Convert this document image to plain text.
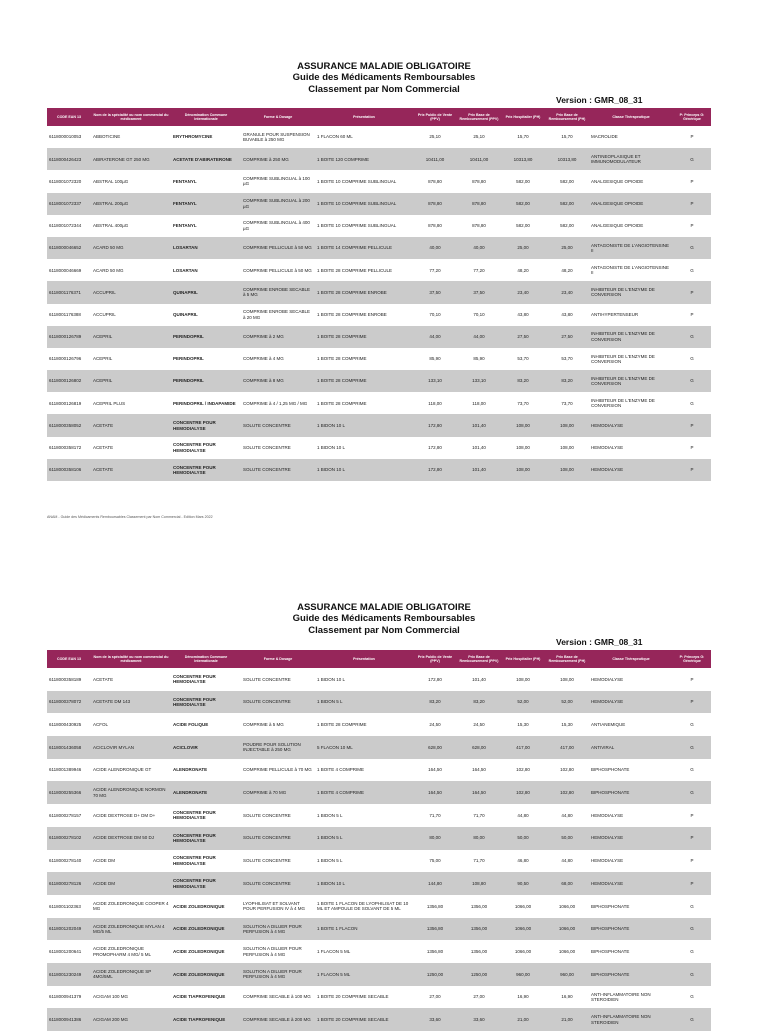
ASSURANCE MALADIE OBLIGATOIRE
Guide des Médicaments Remboursables
Classement par Nom Commercial
Version : GMR_08_31
CODE EAN 13	Nom de la spécialité ou nom commercial du médicament	Dénomination Commune Internationale	Forme & Dosage	Présentation	Prix Public de Vente (PPV)	Prix Base de Remboursement (PPV)	Prix Hospitalier (PH)	Prix Base de Remboursement (PH)	Classe Thérapeutique	P: Princeps G: Générique
6118000010053	ABBOTICINE	ERYTHROMYCINE	GRANULE POUR SUSPENSION BUVABLE à 250 MG	1 FLACON 60 ML	25,10	25,10	15,70	15,70	MACROLIDE	P
6118000426423	ABIRATERONE GT 250 MG	ACETATE D'ABIRATERONE	COMPRIME à 250 MG	1 BOITE 120 COMPRIME	10411,00	10411,00	10313,80	10313,80	ANTINEOPLASIQUE ET IMMUNOMODULATEUR	G
6118001072320	ABSTRAL 100µG	FENTANYL	COMPRIME SUBLINGUAL à 100 µG	1 BOITE 10 COMPRIME SUBLINGUAL	878,80	878,80	582,00	582,00	ANALGESIQUE OPIOIDE	P
6118001072337	ABSTRAL 200µG	FENTANYL	COMPRIME SUBLINGUAL à 200 µG	1 BOITE 10 COMPRIME SUBLINGUAL	878,80	878,80	582,00	582,00	ANALGESIQUE OPIOIDE	P
6118001072344	ABSTRAL 400µG	FENTANYL	COMPRIME SUBLINGUAL à 400 µG	1 BOITE 10 COMPRIME SUBLINGUAL	878,80	878,80	582,00	582,00	ANALGESIQUE OPIOIDE	P
6118000046652	ACARD 50 MG	LOSARTAN	COMPRIME PELLICULE à 50 MG	1 BOITE 14 COMPRIME PELLICULE	40,00	40,00	25,00	25,00	ANTAGONISTE DE L'ANGIOTENSINE II	G
6118000046669	ACARD 50 MG	LOSARTAN	COMPRIME PELLICULE à 50 MG	1 BOITE 28 COMPRIME PELLICULE	77,20	77,20	48,20	48,20	ANTAGONISTE DE L'ANGIOTENSINE II	G
6118001176371	ACCUPRIL	QUINAPRIL	COMPRIME ENROBE SECABLE à 5 MG	1 BOITE 28 COMPRIME ENROBE	37,50	37,50	23,40	23,40	INHIBITEUR DE L'ENZYME DE CONVERSION	P
6118001176388	ACCUPRIL	QUINAPRIL	COMPRIME ENROBE SECABLE à 20 MG	1 BOITE 28 COMPRIME ENROBE	70,10	70,10	43,80	43,80	ANTIHYPERTENSEUR	P
6118000126789	ACEPRIL	PERINDOPRIL	COMPRIME à 2 MG	1 BOITE 28 COMPRIME	44,00	44,00	27,50	27,50	INHIBITEUR DE L'ENZYME DE CONVERSION	G
6118000126796	ACEPRIL	PERINDOPRIL	COMPRIME à 4 MG	1 BOITE 28 COMPRIME	85,90	85,90	53,70	53,70	INHIBITEUR DE L'ENZYME DE CONVERSION	G
6118000126802	ACEPRIL	PERINDOPRIL	COMPRIME à 8 MG	1 BOITE 28 COMPRIME	133,10	133,10	83,20	83,20	INHIBITEUR DE L'ENZYME DE CONVERSION	G
6118000126819	ACEPRIL PLUS	PERINDOPRIL / INDAPAMIDE	COMPRIME à 4 / 1,25 MG / MG	1 BOITE 28 COMPRIME	118,00	118,00	73,70	73,70	INHIBITEUR DE L'ENZYME DE CONVERSION	G
6118000358052	ACETATE	CONCENTRE POUR HEMODIALYSE	SOLUTE CONCENTRE	1 BIDON 10 L	172,80	101,40	108,00	108,00	HEMODIALYSE	P
6118000358172	ACETATE	CONCENTRE POUR HEMODIALYSE	SOLUTE CONCENTRE	1 BIDON 10 L	172,80	101,40	108,00	108,00	HEMODIALYSE	P
6118000358106	ACETATE	CONCENTRE POUR HEMODIALYSE	SOLUTE CONCENTRE	1 BIDON 10 L	172,80	101,40	108,00	108,00	HEMODIALYSE	P
ANAM - Guide des Médicaments Remboursables Classement par Nom Commercial - Edition Mars 2022
ASSURANCE MALADIE OBLIGATOIRE
Guide des Médicaments Remboursables
Classement par Nom Commercial
Version : GMR_08_31
CODE EAN 13	Nom de la spécialité ou nom commercial du médicament	Dénomination Commune Internationale	Forme & Dosage	Présentation	Prix Public de Vente (PPV)	Prix Base de Remboursement (PPV)	Prix Hospitalier (PH)	Prix Base de Remboursement (PH)	Classe Thérapeutique	P: Princeps G: Générique
6118000358189	ACETATE	CONCENTRE POUR HEMODIALYSE	SOLUTE CONCENTRE	1 BIDON 10 L	172,80	101,40	108,00	108,00	HEMODIALYSE	P
6118000378072	ACETATE DM 143	CONCENTRE POUR HEMODIALYSE	SOLUTE CONCENTRE	1 BIDON 5 L	83,20	83,20	52,00	52,00	HEMODIALYSE	P
6118000430925	ACFOL	ACIDE FOLIQUE	COMPRIME à 5 MG	1 BOITE 28 COMPRIME	24,50	24,50	15,30	15,30	ANTIANEMIQUE	G
6118001436058	ACICLOVIR MYLAN	ACICLOVIR	POUDRE POUR SOLUTION INJECTABLE à 250 MG	5 FLACON 10 ML	628,00	628,00	417,00	417,00	ANTIVIRAL	G
6118001389946	ACIDE ALENDRONIQUE GT	ALENDRONATE	COMPRIME PELLICULE à 70 MG	1 BOITE 4 COMPRIME	164,50	164,50	102,80	102,80	BIPHOSPHONATE	G
6118000255366	ACIDE ALENDRONIQUE NORMON 70 MG	ALENDRONATE	COMPRIME à 70 MG	1 BOITE 4 COMPRIME	164,50	164,50	102,80	102,80	BIPHOSPHONATE	G
6118000278157	ACIDE DEXTROSE D+ DM D+	CONCENTRE POUR HEMODIALYSE	SOLUTE CONCENTRE	1 BIDON 5 L	71,70	71,70	44,80	44,80	HEMODIALYSE	P
6118000278102	ACIDE DEXTROSE DM 50 DJ	CONCENTRE POUR HEMODIALYSE	SOLUTE CONCENTRE	1 BIDON 5 L	80,00	80,00	50,00	50,00	HEMODIALYSE	P
6118000278140	ACIDE DM	CONCENTRE POUR HEMODIALYSE	SOLUTE CONCENTRE	1 BIDON 5 L	75,00	71,70	46,80	44,80	HEMODIALYSE	P
6118000278126	ACIDE DM	CONCENTRE POUR HEMODIALYSE	SOLUTE CONCENTRE	1 BIDON 10 L	144,80	108,80	90,50	68,00	HEMODIALYSE	P
6118001102363	ACIDE ZOLEDRONIQUE COOPER 4 MG	ACIDE ZOLEDRONIQUE	LYOPHILISAT ET SOLVANT POUR PERFUSION IV à 4 MG	1 BOITE 1 FLACON DE LYOPHILISAT DE 10 ML ET AMPOULE DE SOLVANT DE 5 ML	1356,80	1356,00	1066,00	1066,00	BIPHOSPHONATE	G
6118001202049	ACIDE ZOLEDRONIQUE MYLAN 4 MG/5 ML	ACIDE ZOLEDRONIQUE	SOLUTION A DILUER POUR PERFUSION à 4 MG	1 BOITE 1 FLACON	1356,80	1356,00	1066,00	1066,00	BIPHOSPHONATE	G
6118001200641	ACIDE ZOLEDRONIQUE PROMOPHARM 4 MG/ 5 ML	ACIDE ZOLEDRONIQUE	SOLUTION A DILUER POUR PERFUSION à 4 MG	1 FLACON 5 ML	1356,80	1356,00	1066,00	1066,00	BIPHOSPHONATE	G
6118001230249	ACIDE ZOLEDRONIQUE SP 4MG/5ML	ACIDE ZOLEDRONIQUE	SOLUTION A DILUER POUR PERFUSION à 4 MG	1 FLACON 5 ML	1250,00	1250,00	960,00	960,00	BIPHOSPHONATE	G
6118000941379	ACIGAM 100 MG	ACIDE TIAPROFENIQUE	COMPRIME SECABLE à 100 MG	1 BOITE 20 COMPRIME SECABLE	27,00	27,00	16,90	16,90	ANTI-INFLAMMATOIRE NON STEROIDIEN	G
6118000941386	ACIGAM 200 MG	ACIDE TIAPROFENIQUE	COMPRIME SECABLE à 200 MG	1 BOITE 20 COMPRIME SECABLE	33,60	33,60	21,00	21,00	ANTI-INFLAMMATOIRE NON STEROIDIEN	G
